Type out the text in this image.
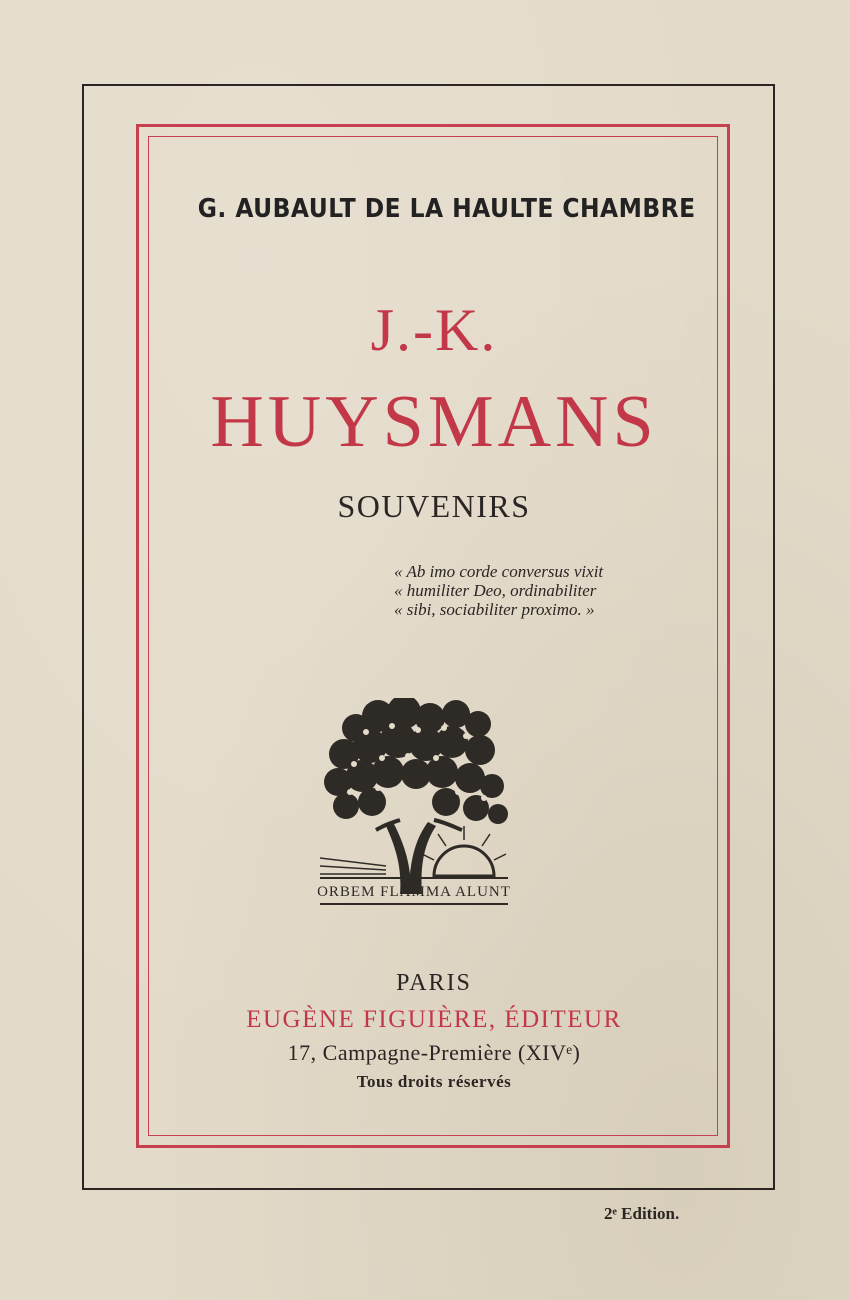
G. AUBAULT DE LA HAULTE CHAMBRE
J.-K.
HUYSMANS
SOUVENIRS
« Ab imo corde conversus vixit
« humiliter Deo, ordinabiliter
« sibi, sociabiliter proximo. »
ORBEM FLAMMA ALUNT
PARIS
EUGÈNE FIGUIÈRE, ÉDITEUR
17, Campagne-Première (XIVᵉ)
Tous droits réservés
2ᵉ Edition.
